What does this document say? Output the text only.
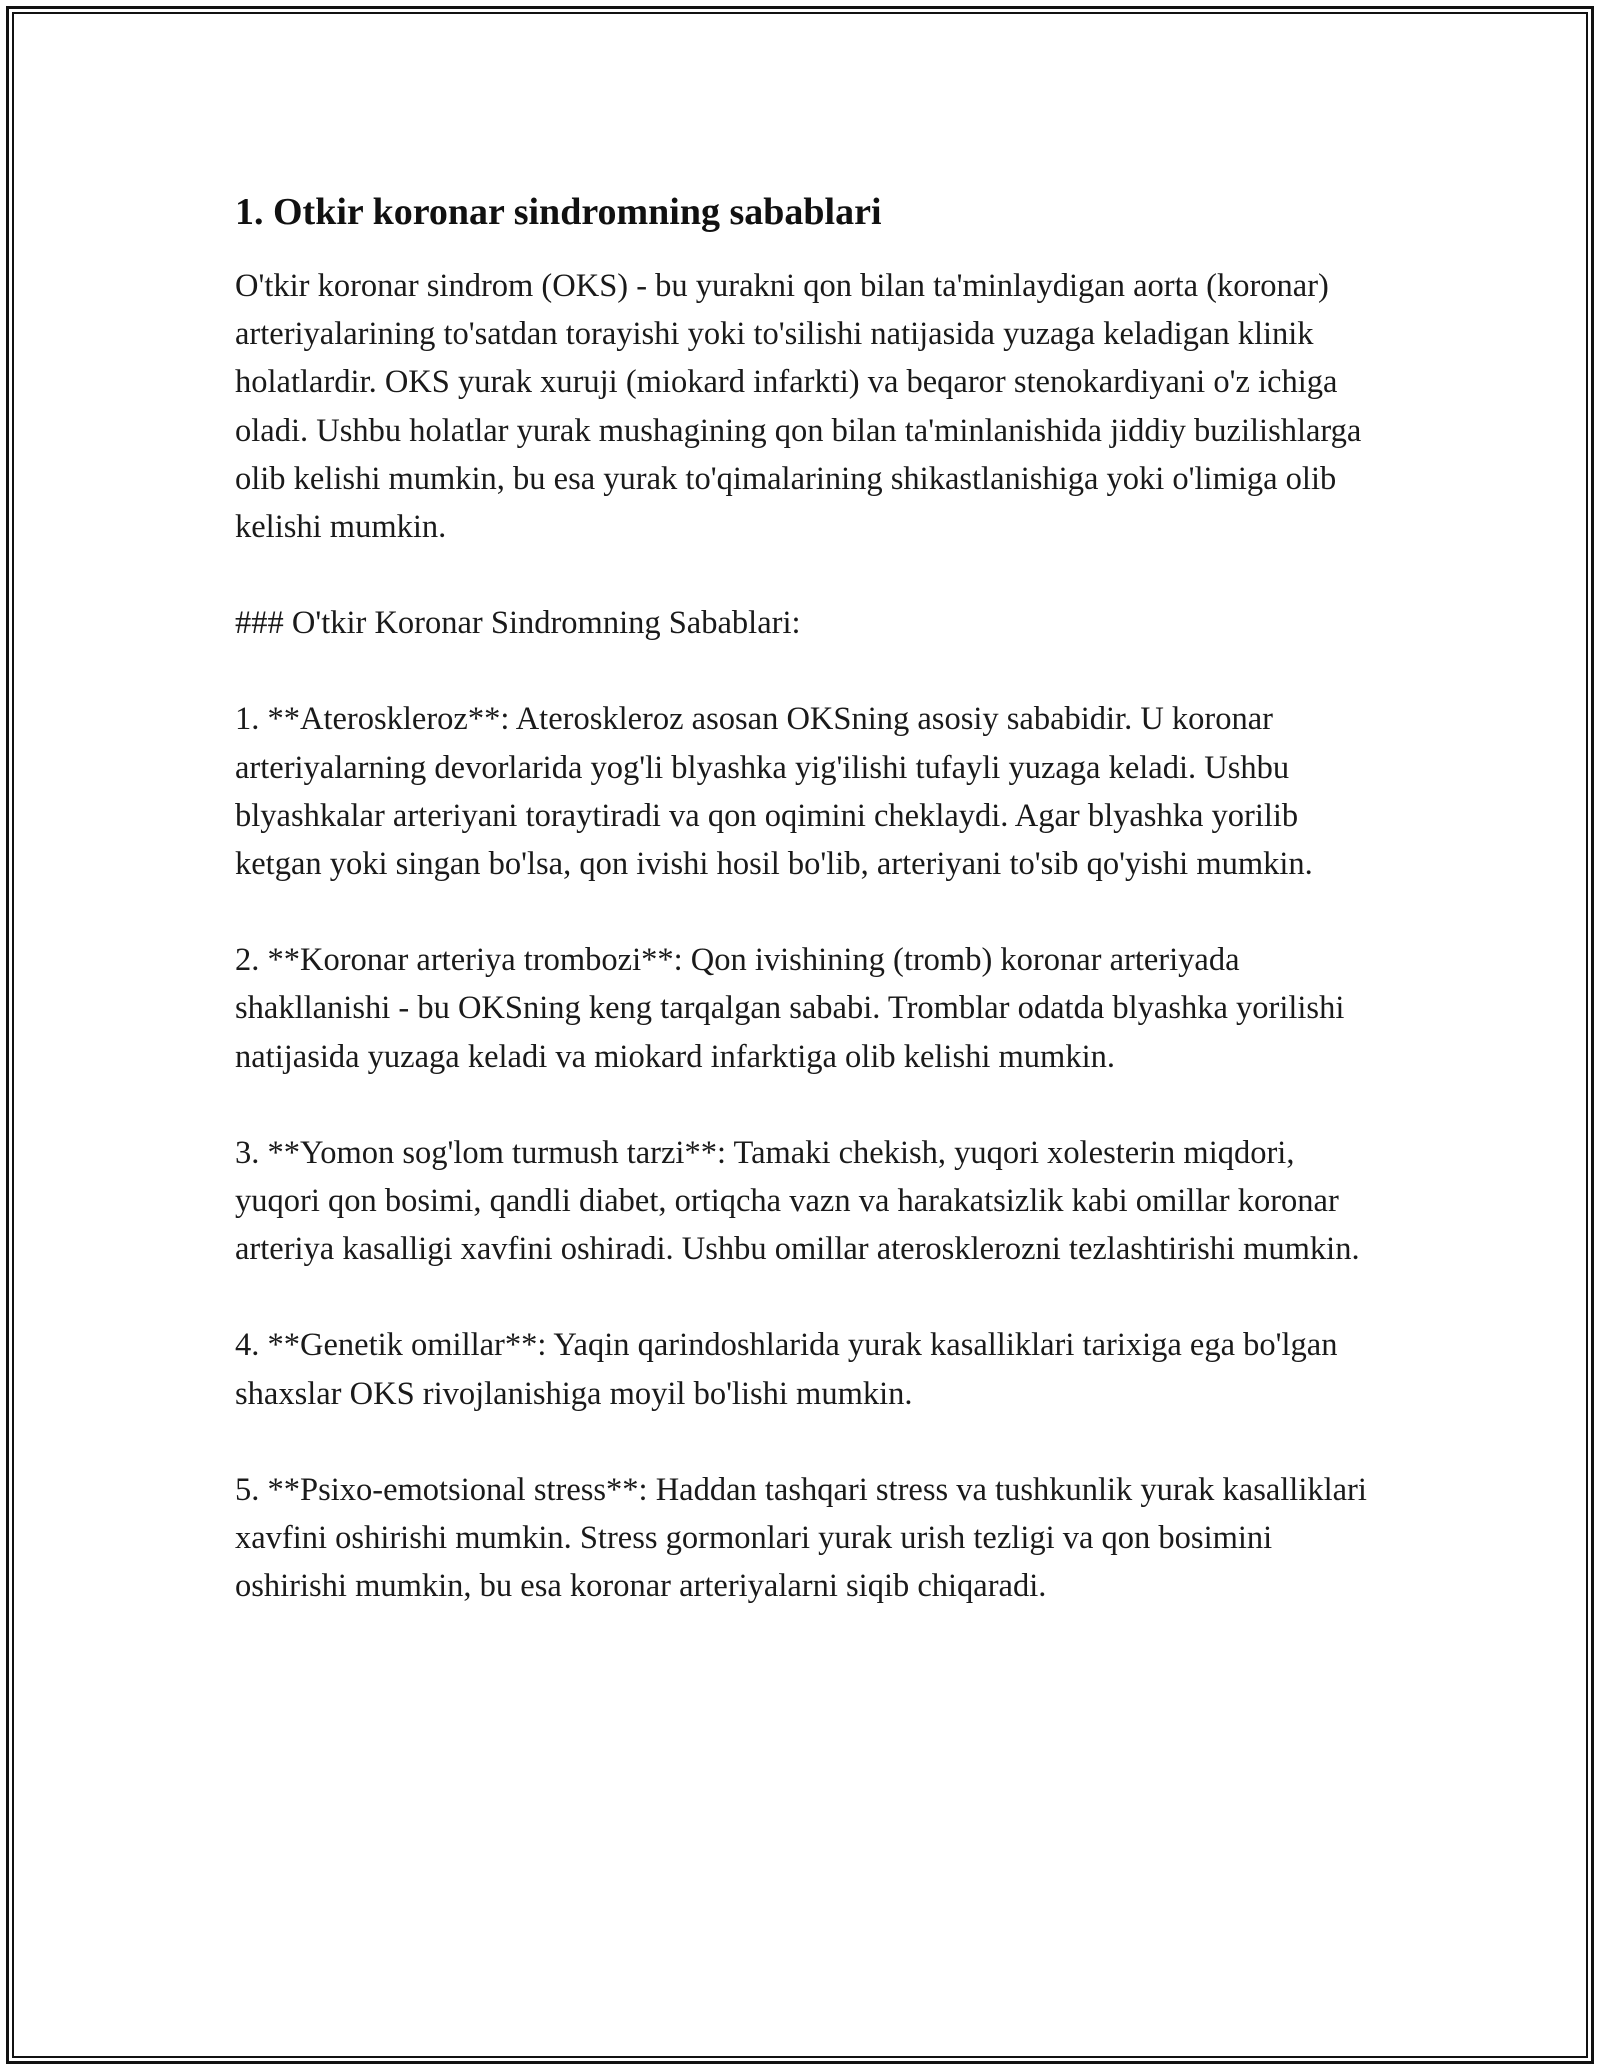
1. Otkir koronar sindromning sabablari

O'tkir koronar sindrom (OKS) - bu yurakni qon bilan ta'minlaydigan aorta (koronar) arteriyalarining to'satdan torayishi yoki to'silishi natijasida yuzaga keladigan klinik holatlardir. OKS yurak xuruji (miokard infarkti) va beqaror stenokardiyani o'z ichiga oladi. Ushbu holatlar yurak mushagining qon bilan ta'minlanishida jiddiy buzilishlarga olib kelishi mumkin, bu esa yurak to'qimalarining shikastlanishiga yoki o'limiga olib kelishi mumkin.

### O'tkir Koronar Sindromning Sabablari:

1. **Ateroskleroz**: Ateroskleroz asosan OKSning asosiy sababidir. U koronar arteriyalarning devorlarida yog'li blyashka yig'ilishi tufayli yuzaga keladi. Ushbu blyashkalar arteriyani toraytiradi va qon oqimini cheklaydi. Agar blyashka yorilib ketgan yoki singan bo'lsa, qon ivishi hosil bo'lib, arteriyani to'sib qo'yishi mumkin.

2. **Koronar arteriya trombozi**: Qon ivishining (tromb) koronar arteriyada shakllanishi - bu OKSning keng tarqalgan sababi. Tromblar odatda blyashka yorilishi natijasida yuzaga keladi va miokard infarktiga olib kelishi mumkin.

3. **Yomon sog'lom turmush tarzi**: Tamaki chekish, yuqori xolesterin miqdori, yuqori qon bosimi, qandli diabet, ortiqcha vazn va harakatsizlik kabi omillar koronar arteriya kasalligi xavfini oshiradi. Ushbu omillar aterosklerozni tezlashtirishi mumkin.

4. **Genetik omillar**: Yaqin qarindoshlarida yurak kasalliklari tarixiga ega bo'lgan shaxslar OKS rivojlanishiga moyil bo'lishi mumkin.

5. **Psixo-emotsional stress**: Haddan tashqari stress va tushkunlik yurak kasalliklari xavfini oshirishi mumkin. Stress gormonlari yurak urish tezligi va qon bosimini oshirishi mumkin, bu esa koronar arteriyalarni siqib chiqaradi.
